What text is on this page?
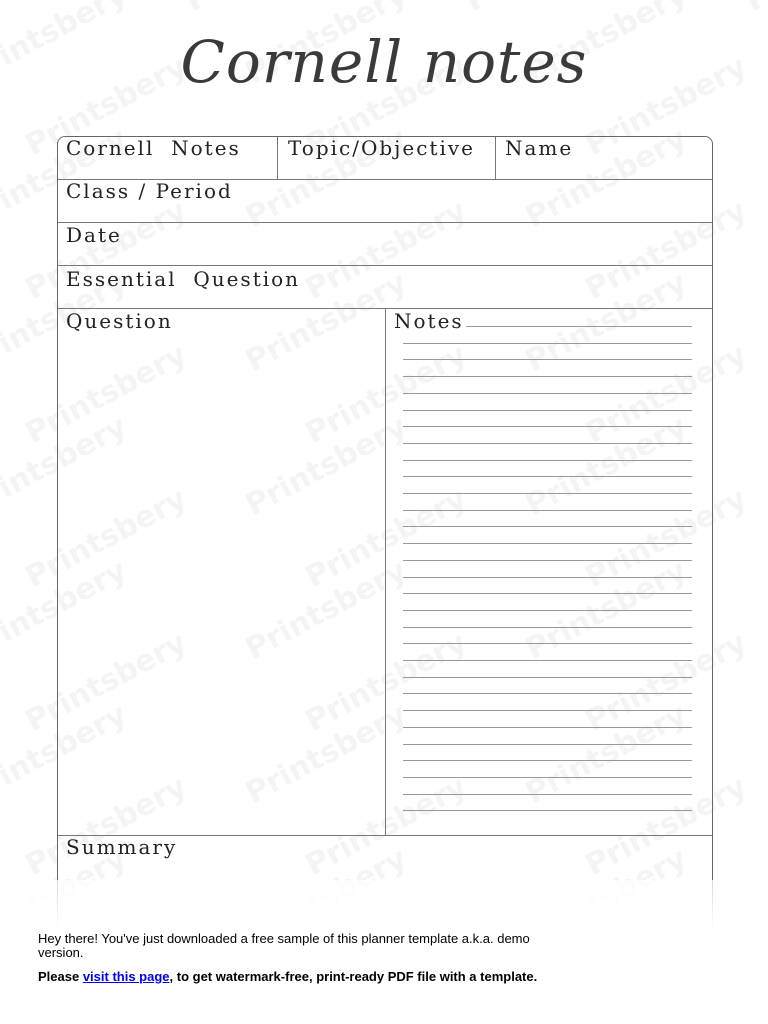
Cornell notes
Cornell  Notes Topic/Objective Name
Class / Period
Date
Essential  Question
Question	Notes
Summary
Hey there! You've just downloaded a free sample of this planner template a.k.a. demo version.
Please visit this page, to get watermark-free, print-ready PDF file with a template.
